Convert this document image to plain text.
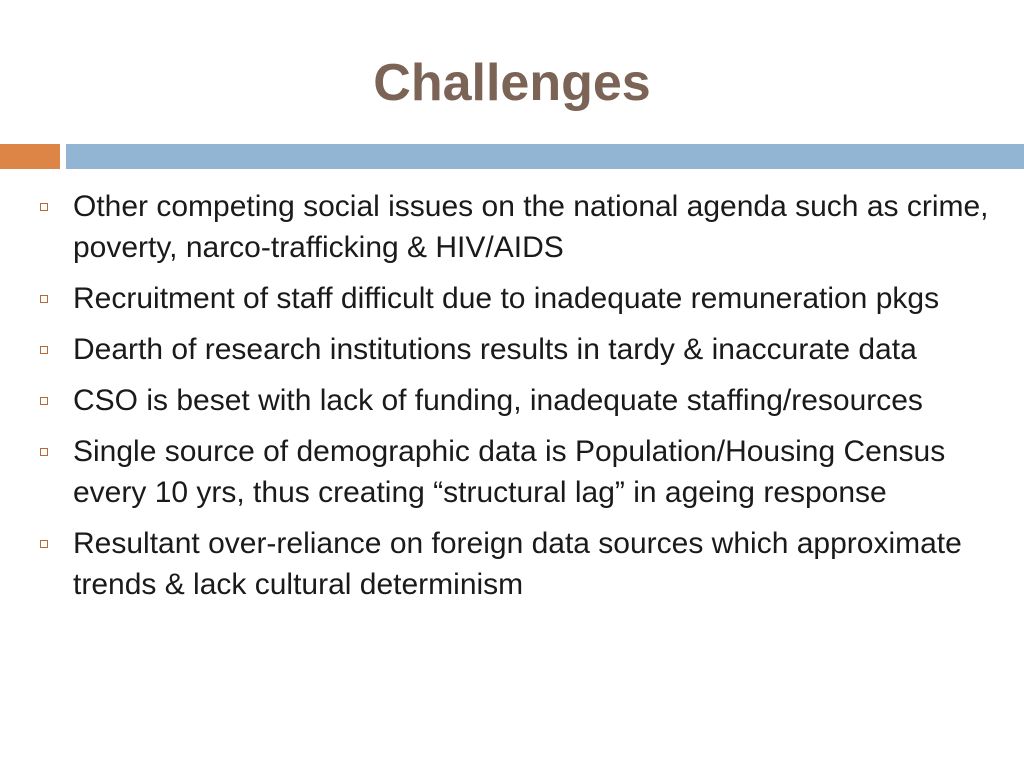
Challenges
Other competing social issues on the national agenda such as crime, poverty, narco-trafficking & HIV/AIDS
Recruitment of staff difficult due to inadequate remuneration pkgs
Dearth of research institutions results in tardy & inaccurate data
CSO is beset with lack of funding, inadequate staffing/resources
Single source of demographic data is Population/Housing Census every 10 yrs, thus creating “structural lag” in ageing response
Resultant over-reliance on foreign data sources which approximate trends & lack cultural determinism
